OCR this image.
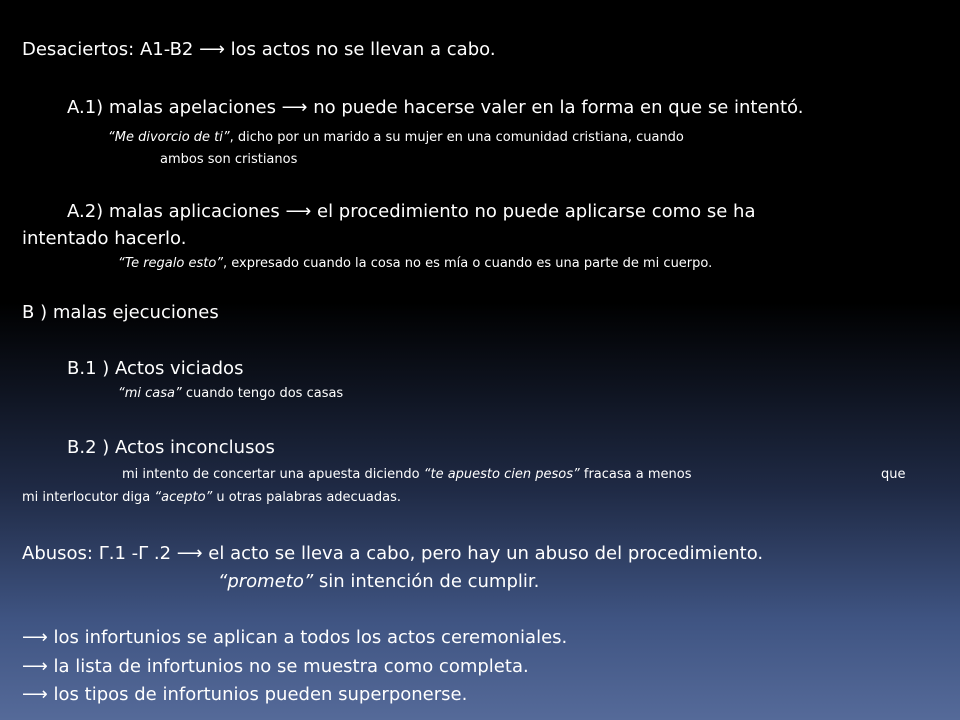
Desaciertos: A1-B2 ⟶ los actos no se llevan a cabo.
A.1) malas apelaciones ⟶ no puede hacerse valer en la forma en que se intentó.
“Me divorcio de ti”, dicho por un marido a su mujer en una comunidad cristiana, cuando
ambos son cristianos
A.2) malas aplicaciones ⟶ el procedimiento no puede aplicarse como se ha
intentado hacerlo.
“Te regalo esto”, expresado cuando la cosa no es mía o cuando es una parte de mi cuerpo.
B ) malas ejecuciones
B.1 ) Actos viciados
“mi casa” cuando tengo dos casas
B.2 ) Actos inconclusos
mi intento de concertar una apuesta diciendo “te apuesto cien pesos” fracasa a menos	que
mi interlocutor diga “acepto” u otras palabras adecuadas.
Abusos: Γ.1 -Γ .2 ⟶ el acto se lleva a cabo, pero hay un abuso del procedimiento.
“prometo” sin intención de cumplir.
⟶ los infortunios se aplican a todos los actos ceremoniales.
⟶ la lista de infortunios no se muestra como completa.
⟶ los tipos de infortunios pueden superponerse.
